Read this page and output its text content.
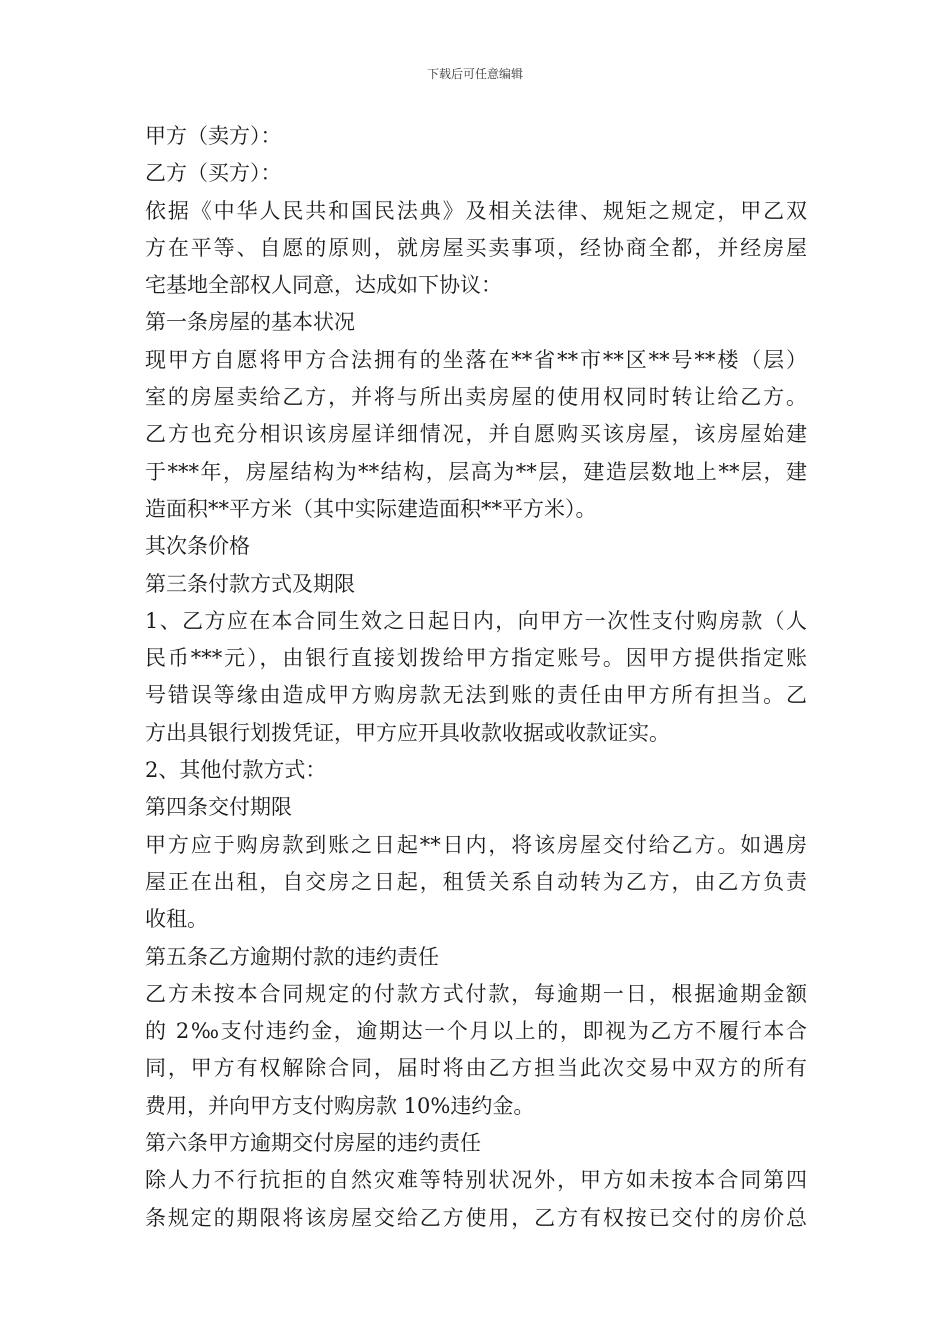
下载后可任意编辑
甲方（卖方）：
乙方（买方）：
依据《中华人民共和国民法典》及相关法律、规矩之规定，甲乙双
方在平等、自愿的原则，就房屋买卖事项，经协商全都，并经房屋
宅基地全部权人同意，达成如下协议：
第一条房屋的基本状况
现甲方自愿将甲方合法拥有的坐落在**省**市**区**号**楼（层）
室的房屋卖给乙方，并将与所出卖房屋的使用权同时转让给乙方。
乙方也充分相识该房屋详细情况，并自愿购买该房屋，该房屋始建
于***年，房屋结构为**结构，层高为**层，建造层数地上**层，建
造面积**平方米（其中实际建造面积**平方米）。
其次条价格
第三条付款方式及期限
1、乙方应在本合同生效之日起日内，向甲方一次性支付购房款（人
民币***元），由银行直接划拨给甲方指定账号。因甲方提供指定账
号错误等缘由造成甲方购房款无法到账的责任由甲方所有担当。乙
方出具银行划拨凭证，甲方应开具收款收据或收款证实。
2、其他付款方式：
第四条交付期限
甲方应于购房款到账之日起**日内，将该房屋交付给乙方。如遇房
屋正在出租，自交房之日起，租赁关系自动转为乙方，由乙方负责
收租。
第五条乙方逾期付款的违约责任
乙方未按本合同规定的付款方式付款，每逾期一日，根据逾期金额
的 2‰支付违约金，逾期达一个月以上的，即视为乙方不履行本合
同，甲方有权解除合同，届时将由乙方担当此次交易中双方的所有
费用，并向甲方支付购房款 10%违约金。
第六条甲方逾期交付房屋的违约责任
除人力不行抗拒的自然灾难等特别状况外，甲方如未按本合同第四
条规定的期限将该房屋交给乙方使用，乙方有权按已交付的房价总
